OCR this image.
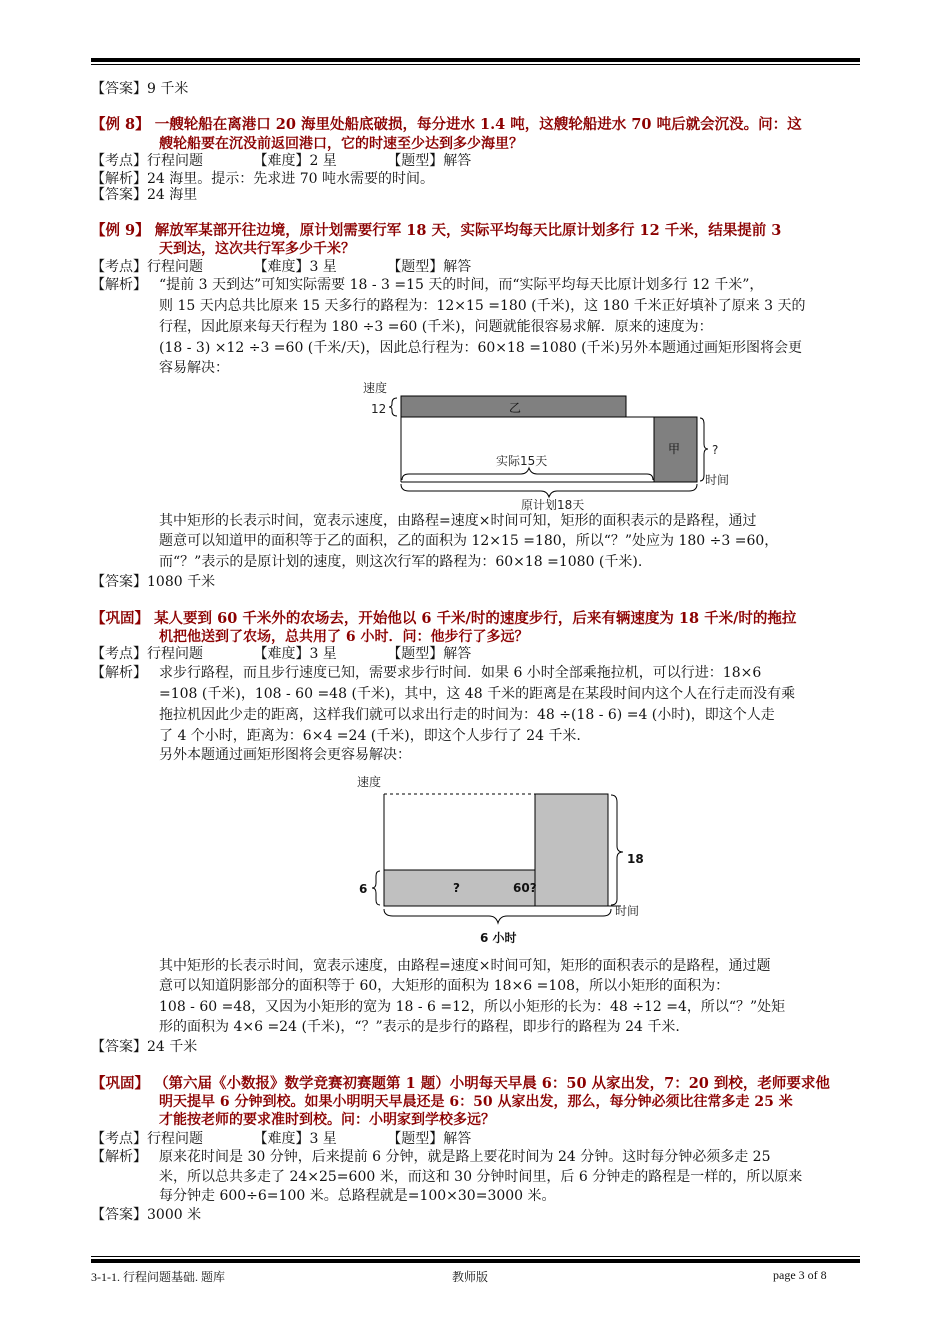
【答案】9 千米
【例 8】 一艘轮船在离港口 20 海里处船底破损，每分进水 1.4 吨，这艘轮船进水 70 吨后就会沉没。问：这
艘轮船要在沉没前返回港口，它的时速至少达到多少海里？
【考点】行程问题	【难度】2 星	【题型】解答
【解析】24 海里。提示：先求进 70 吨水需要的时间。
【答案】24 海里
【例 9】 解放军某部开往边境，原计划需要行军 18 天，实际平均每天比原计划多行 12 千米，结果提前 3
天到达，这次共行军多少千米？
【考点】行程问题	【难度】3 星	【题型】解答
【解析】 “提前 3 天到达”可知实际需要 18 - 3 =15 天的时间，而“实际平均每天比原计划多行 12 千米”，
则 15 天内总共比原来 15 天多行的路程为：12×15 =180 (千米)，这 180 千米正好填补了原来 3 天的
行程，因此原来每天行程为 180 ÷3 =60 (千米)，问题就能很容易求解．原来的速度为：
(18 - 3) ×12 ÷3 =60 (千米/天)，因此总行程为：60×18 =1080 (千米)另外本题通过画矩形图将会更
容易解决：
速度
12	乙
甲	?
实际15天
时间
原计划18天
其中矩形的长表示时间，宽表示速度，由路程=速度×时间可知，矩形的面积表示的是路程，通过
题意可以知道甲的面积等于乙的面积，乙的面积为 12×15 =180，所以“？”处应为 180 ÷3 =60，
而“？”表示的是原计划的速度，则这次行军的路程为：60×18 =1080 (千米).
【答案】1080 千米
【巩固】 某人要到 60 千米外的农场去，开始他以 6 千米/时的速度步行，后来有辆速度为 18 千米/时的拖拉
机把他送到了农场，总共用了 6 小时．问：他步行了多远？
【考点】行程问题	【难度】3 星	【题型】解答
【解析】 求步行路程，而且步行速度已知，需要求步行时间．如果 6 小时全部乘拖拉机，可以行进：18×6
=108 (千米)，108 - 60 =48 (千米)，其中，这 48 千米的距离是在某段时间内这个人在行走而没有乘
拖拉机因此少走的距离，这样我们就可以求出行走的时间为：48 ÷(18 - 6) =4 (小时)，即这个人走
了 4 个小时，距离为：6×4 =24 (千米)，即这个人步行了 24 千米.
另外本题通过画矩形图将会更容易解决：
速度
?	60?
6
18
时间
6 小时
其中矩形的长表示时间，宽表示速度，由路程=速度×时间可知，矩形的面积表示的是路程，通过题
意可以知道阴影部分的面积等于 60，大矩形的面积为 18×6 =108，所以小矩形的面积为：
108 - 60 =48，又因为小矩形的宽为 18 - 6 =12，所以小矩形的长为：48 ÷12 =4，所以“？”处矩
形的面积为 4×6 =24 (千米)，“？”表示的是步行的路程，即步行的路程为 24 千米.
【答案】24 千米
【巩固】 （第六届《小数报》数学竞赛初赛题第 1 题）小明每天早晨 6：50 从家出发，7：20 到校，老师要求他
明天提早 6 分钟到校。如果小明明天早晨还是 6：50 从家出发，那么，每分钟必须比往常多走 25 米
才能按老师的要求准时到校。问：小明家到学校多远？
【考点】行程问题	【难度】3 星	【题型】解答
【解析】 原来花时间是 30 分钟，后来提前 6 分钟，就是路上要花时间为 24 分钟。这时每分钟必须多走 25
米，所以总共多走了 24×25=600 米，而这和 30 分钟时间里，后 6 分钟走的路程是一样的，所以原来
每分钟走 600÷6=100 米。总路程就是=100×30=3000 米。
【答案】3000 米
3-1-1. 行程问题基础. 题库	教师版	page 3 of 8
